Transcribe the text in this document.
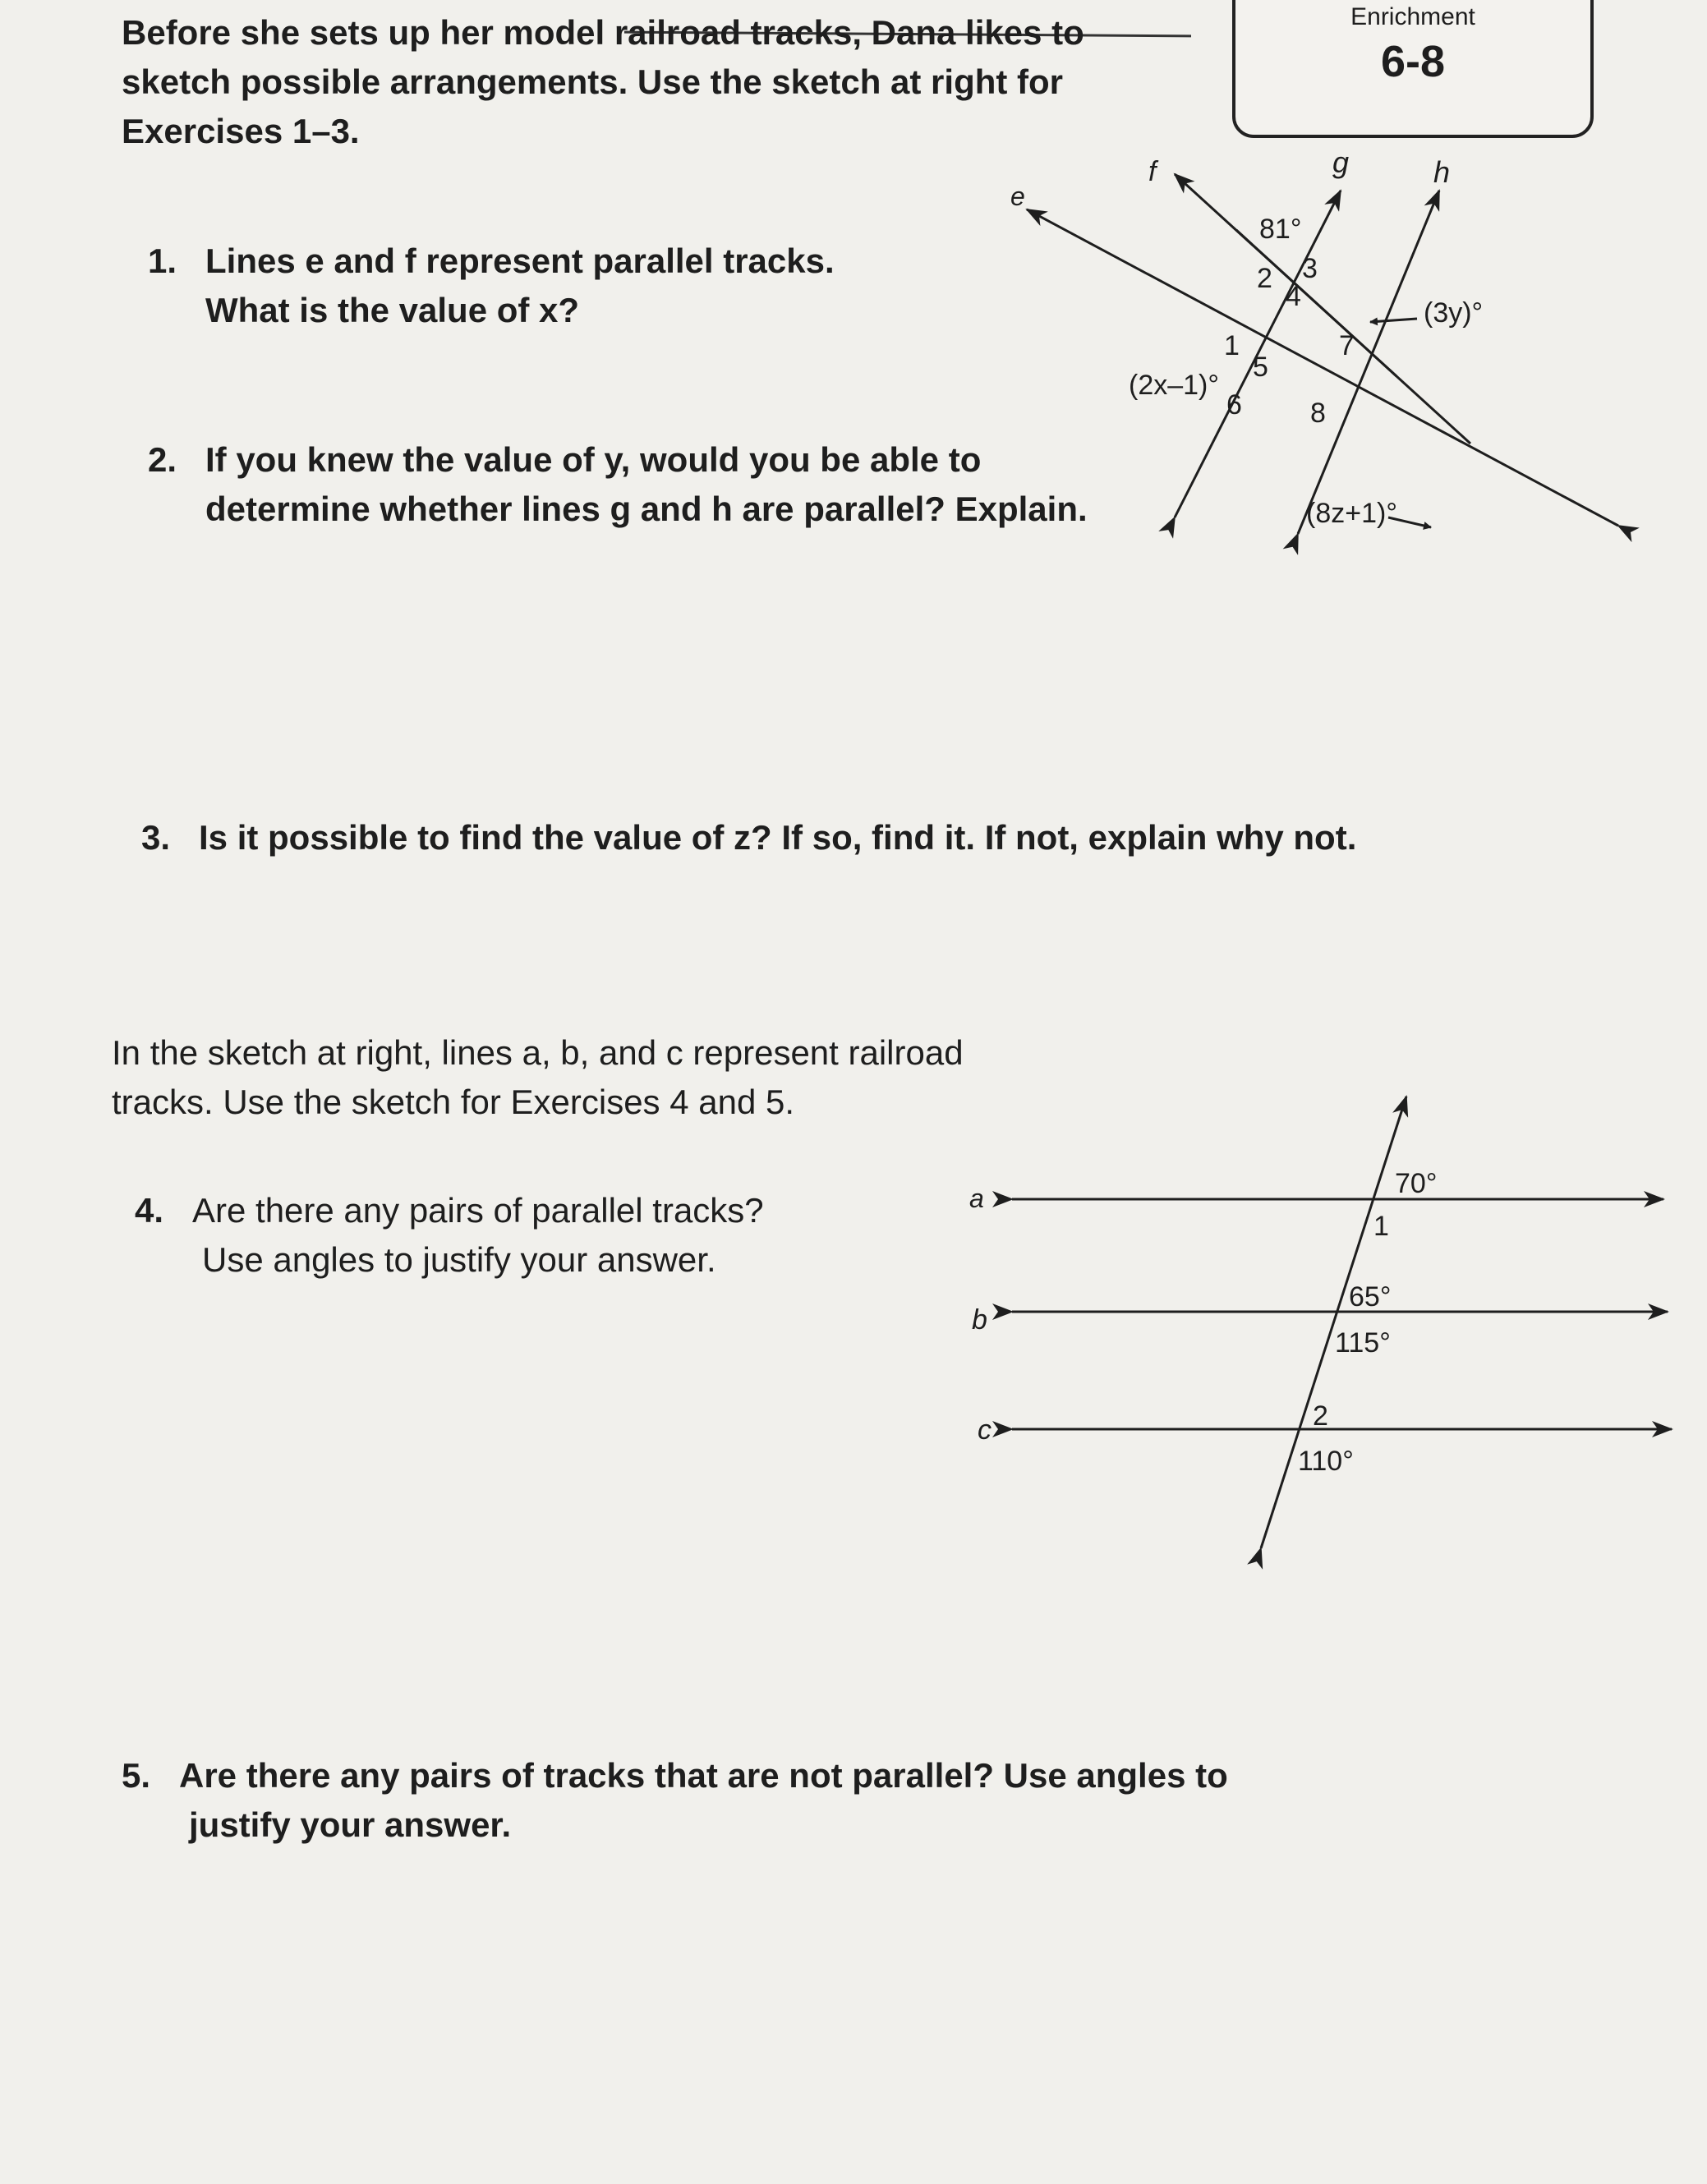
Enrichment
6-8
Before she sets up her model railroad tracks, Dana likes to
sketch possible arrangements. Use the sketch at right for
Exercises 1–3.
1. Lines e and f represent parallel tracks.
What is the value of x?
2. If you knew the value of y, would you be able to
determine whether lines g and h are parallel? Explain.
3. Is it possible to find the value of z? If so, find it. If not, explain why not.
In the sketch at right, lines a, b, and c represent railroad
tracks. Use the sketch for Exercises 4 and 5.
4. Are there any pairs of parallel tracks?
Use angles to justify your answer.
5. Are there any pairs of tracks that are not parallel? Use angles to
justify your answer.
e
f	g	h
81°
2 3
4
1
5
6
7
8
(2x–1)°
(3y)°
(8z+1)°
a
b
c
70°
1
65°
115°
2
110°
